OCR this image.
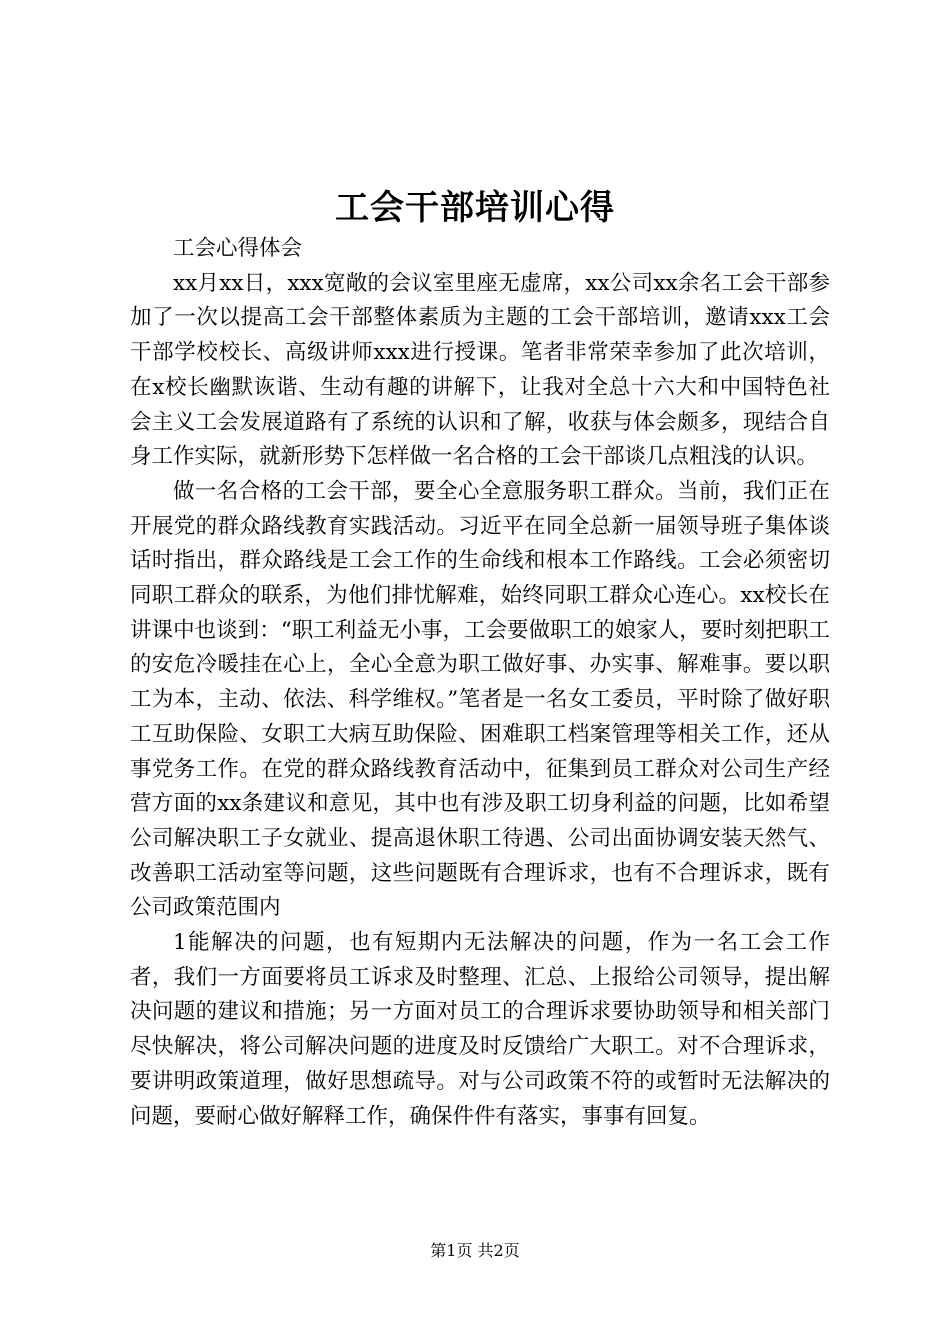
工会干部培训心得

工会心得体会

xx月xx日，xxx宽敞的会议室里座无虚席，xx公司xx余名工会干部参加了一次以提高工会干部整体素质为主题的工会干部培训，邀请xxx工会干部学校校长、高级讲师xxx进行授课。笔者非常荣幸参加了此次培训，在x校长幽默诙谐、生动有趣的讲解下，让我对全总十六大和中国特色社会主义工会发展道路有了系统的认识和了解，收获与体会颇多，现结合自身工作实际，就新形势下怎样做一名合格的工会干部谈几点粗浅的认识。

做一名合格的工会干部，要全心全意服务职工群众。当前，我们正在开展党的群众路线教育实践活动。习近平在同全总新一届领导班子集体谈话时指出，群众路线是工会工作的生命线和根本工作路线。工会必须密切同职工群众的联系，为他们排忧解难，始终同职工群众心连心。xx校长在讲课中也谈到：“职工利益无小事，工会要做职工的娘家人，要时刻把职工的安危冷暖挂在心上，全心全意为职工做好事、办实事、解难事。要以职工为本，主动、依法、科学维权。”笔者是一名女工委员，平时除了做好职工互助保险、女职工大病互助保险、困难职工档案管理等相关工作，还从事党务工作。在党的群众路线教育活动中，征集到员工群众对公司生产经营方面的xx条建议和意见，其中也有涉及职工切身利益的问题，比如希望公司解决职工子女就业、提高退休职工待遇、公司出面协调安装天然气、改善职工活动室等问题，这些问题既有合理诉求，也有不合理诉求，既有公司政策范围内

1能解决的问题，也有短期内无法解决的问题，作为一名工会工作者，我们一方面要将员工诉求及时整理、汇总、上报给公司领导，提出解决问题的建议和措施；另一方面对员工的合理诉求要协助领导和相关部门尽快解决，将公司解决问题的进度及时反馈给广大职工。对不合理诉求，要讲明政策道理，做好思想疏导。对与公司政策不符的或暂时无法解决的问题，要耐心做好解释工作，确保件件有落实，事事有回复。

第1页 共2页
